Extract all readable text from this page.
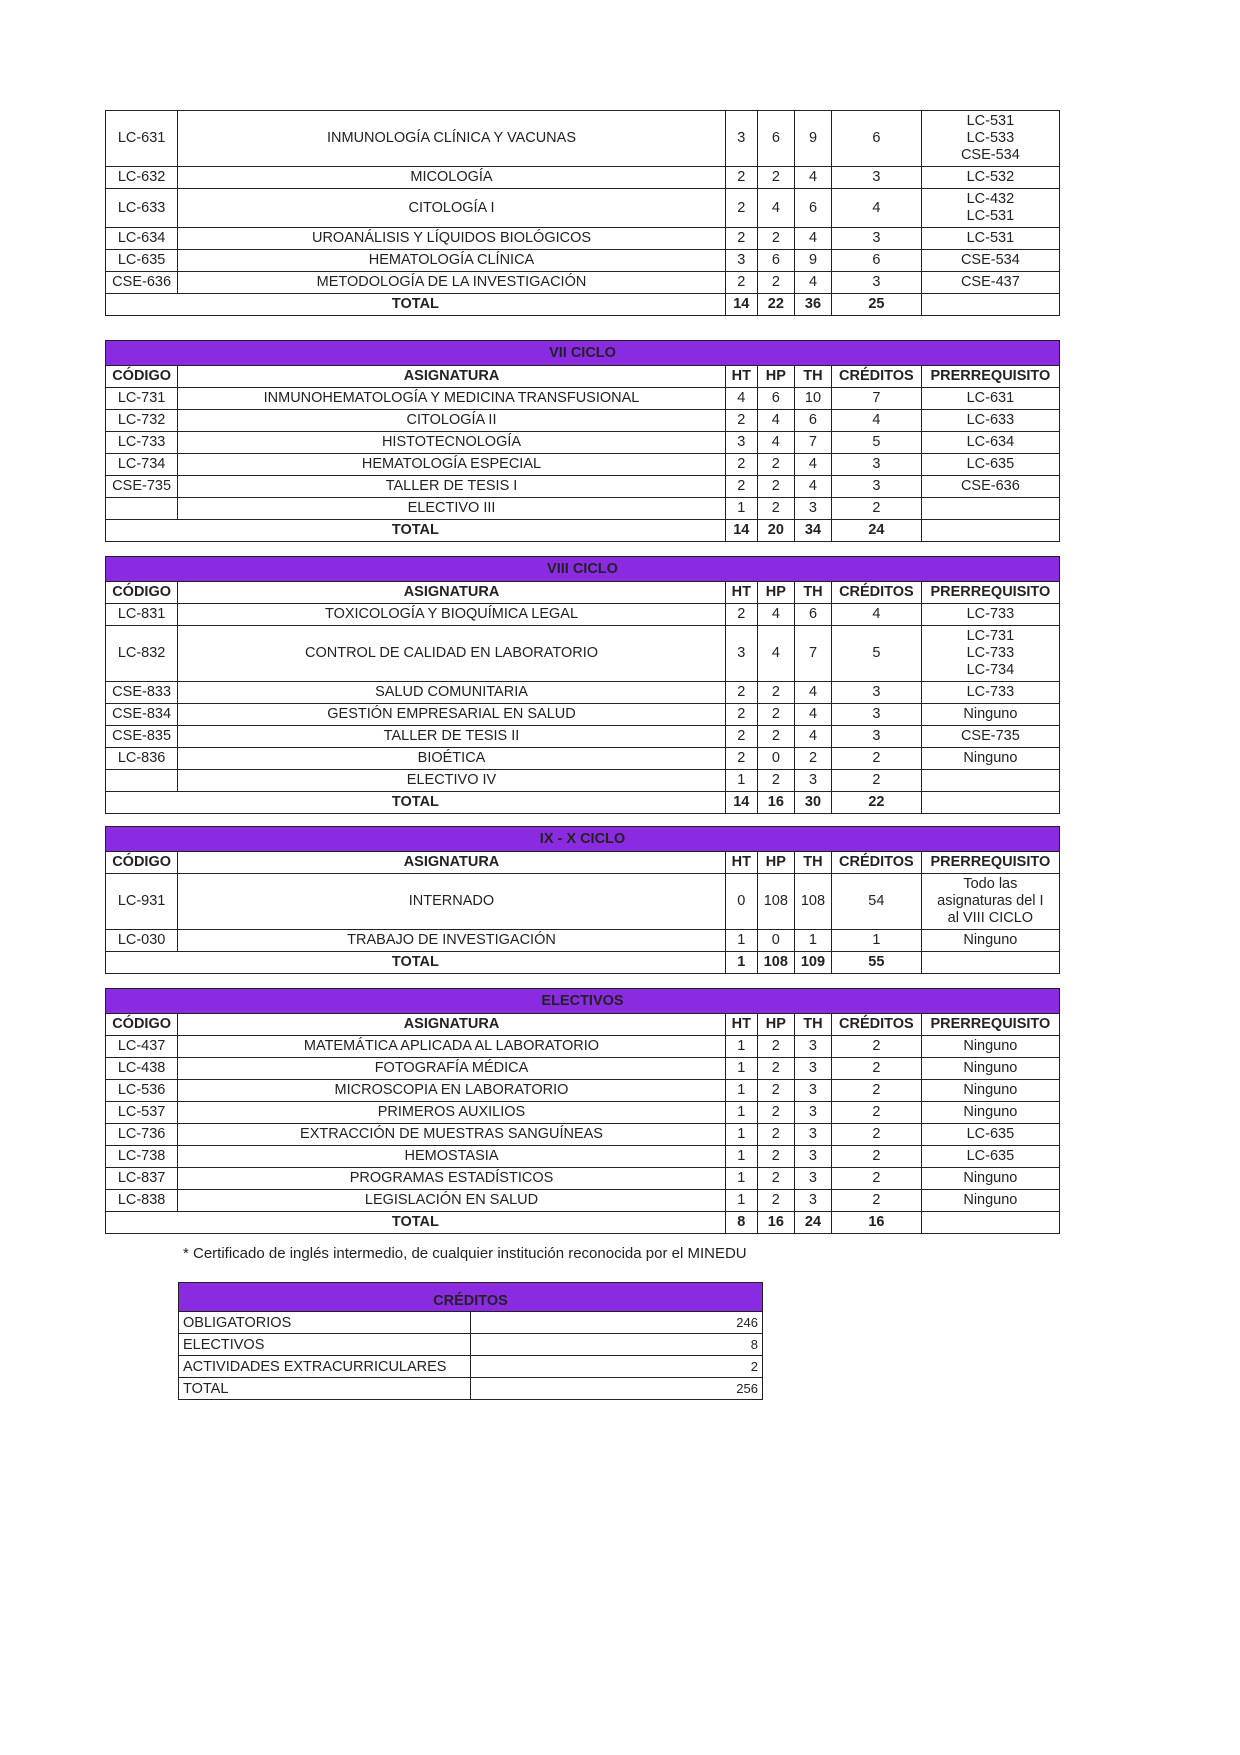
LC-631	INMUNOLOGÍA CLÍNICA Y VACUNAS	3	6	9	6	LC-531
LC-533
CSE-534

LC-632	MICOLOGÍA	2	2	4	3	LC-532

LC-633	CITOLOGÍA I	2	4	6	4	LC-432
LC-531

LC-634	UROANÁLISIS Y LÍQUIDOS BIOLÓGICOS	2	2	4	3	LC-531

LC-635	HEMATOLOGÍA CLÍNICA	3	6	9	6	CSE-534

CSE-636	METODOLOGÍA DE LA INVESTIGACIÓN	2	2	4	3	CSE-437

TOTAL		14	22	36	25	
VII CICLO						
CÓDIGO	ASIGNATURA	HT	HP	TH	CRÉDITOS	PRERREQUISITO
LC-731	INMUNOHEMATOLOGÍA Y MEDICINA TRANSFUSIONAL	4	6	10	7	LC-631

LC-732	CITOLOGÍA II	2	4	6	4	LC-633

LC-733	HISTOTECNOLOGÍA	3	4	7	5	LC-634

LC-734	HEMATOLOGÍA ESPECIAL	2	2	4	3	LC-635

CSE-735	TALLER DE TESIS I	2	2	4	3	CSE-636

	ELECTIVO III	1	2	3	2	

TOTAL		14	20	34	24	
VIII CICLO						
CÓDIGO	ASIGNATURA	HT	HP	TH	CRÉDITOS	PRERREQUISITO
LC-831	TOXICOLOGÍA Y BIOQUÍMICA LEGAL	2	4	6	4	LC-733

LC-832	CONTROL DE CALIDAD EN LABORATORIO	3	4	7	5	LC-731
LC-733
LC-734

CSE-833	SALUD COMUNITARIA	2	2	4	3	LC-733

CSE-834	GESTIÓN EMPRESARIAL EN SALUD	2	2	4	3	Ninguno

CSE-835	TALLER DE TESIS II	2	2	4	3	CSE-735

LC-836	BIOÉTICA	2	0	2	2	Ninguno

	ELECTIVO IV	1	2	3	2	

TOTAL		14	16	30	22	
IX - X CICLO						
CÓDIGO	ASIGNATURA	HT	HP	TH	CRÉDITOS	PRERREQUISITO
LC-931	INTERNADO	0	108	108	54	Todo las
asignaturas del I
al VIII CICLO

LC-030	TRABAJO DE INVESTIGACIÓN	1	0	1	1	Ninguno

TOTAL		1	108	109	55	
ELECTIVOS						
CÓDIGO	ASIGNATURA	HT	HP	TH	CRÉDITOS	PRERREQUISITO
LC-437	MATEMÁTICA APLICADA AL LABORATORIO	1	2	3	2	Ninguno

LC-438	FOTOGRAFÍA MÉDICA	1	2	3	2	Ninguno

LC-536	MICROSCOPIA EN LABORATORIO	1	2	3	2	Ninguno

LC-537	PRIMEROS AUXILIOS	1	2	3	2	Ninguno

LC-736	EXTRACCIÓN DE MUESTRAS SANGUÍNEAS	1	2	3	2	LC-635

LC-738	HEMOSTASIA	1	2	3	2	LC-635

LC-837	PROGRAMAS ESTADÍSTICOS	1	2	3	2	Ninguno

LC-838	LEGISLACIÓN EN SALUD	1	2	3	2	Ninguno

TOTAL		8	16	24	16	
* Certificado de inglés intermedio, de cualquier institución reconocida por el MINEDU
CRÉDITOS	
OBLIGATORIOS	246
ELECTIVOS	8
ACTIVIDADES EXTRACURRICULARES	2
TOTAL	256
